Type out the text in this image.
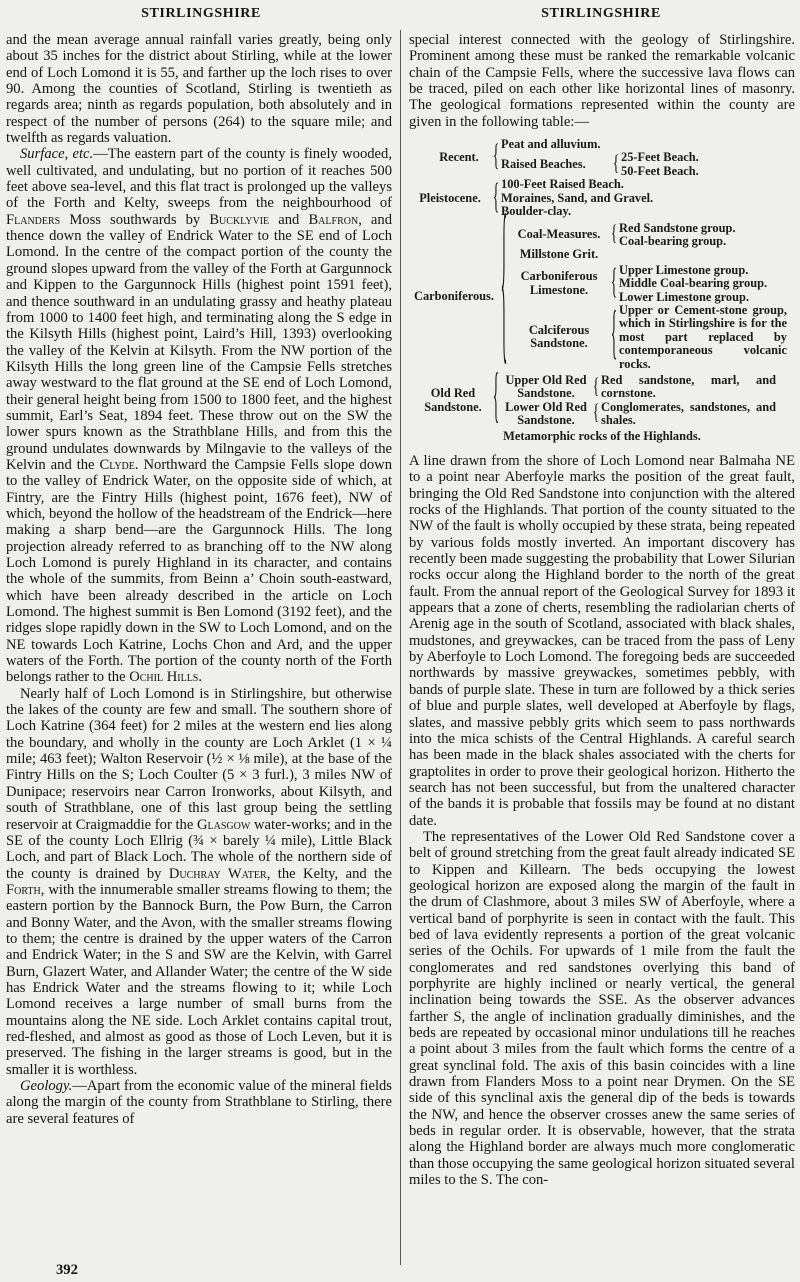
STIRLINGSHIRE	STIRLINGSHIRE

and the mean average annual rainfall varies greatly, being only about 35 inches for the district about Stirling, while at the lower end of Loch Lomond it is 55, and farther up the loch rises to over 90. Among the counties of Scotland, Stirling is twentieth as regards area; ninth as regards population, both absolutely and in respect of the number of persons (264) to the square mile; and twelfth as regards valuation.

Surface, etc.—The eastern part of the county is finely wooded, well cultivated, and undulating, but no portion of it reaches 500 feet above sea-level, and this flat tract is prolonged up the valleys of the Forth and Kelty, sweeps from the neighbourhood of Flanders Moss southwards by Bucklyvie and Balfron, and thence down the valley of Endrick Water to the SE end of Loch Lomond. In the centre of the compact portion of the county the ground slopes upward from the valley of the Forth at Gargunnock and Kippen to the Gargunnock Hills (highest point 1591 feet), and thence southward in an undulating grassy and heathy plateau from 1000 to 1400 feet high, and terminating along the S edge in the Kilsyth Hills (highest point, Laird’s Hill, 1393) overlooking the valley of the Kelvin at Kilsyth. From the NW portion of the Kilsyth Hills the long green line of the Campsie Fells stretches away westward to the flat ground at the SE end of Loch Lomond, their general height being from 1500 to 1800 feet, and the highest summit, Earl’s Seat, 1894 feet. These throw out on the SW the lower spurs known as the Strathblane Hills, and from this the ground undulates downwards by Milngavie to the valleys of the Kelvin and the Clyde. Northward the Campsie Fells slope down to the valley of Endrick Water, on the opposite side of which, at Fintry, are the Fintry Hills (highest point, 1676 feet), NW of which, beyond the hollow of the headstream of the Endrick—here making a sharp bend—are the Gargunnock Hills. The long projection already referred to as branching off to the NW along Loch Lomond is purely Highland in its character, and contains the whole of the summits, from Beinn a’ Choin south-eastward, which have been already described in the article on Loch Lomond. The highest summit is Ben Lomond (3192 feet), and the ridges slope rapidly down in the SW to Loch Lomond, and on the NE towards Loch Katrine, Lochs Chon and Ard, and the upper waters of the Forth. The portion of the county north of the Forth belongs rather to the Ochil Hills.

Nearly half of Loch Lomond is in Stirlingshire, but otherwise the lakes of the county are few and small. The southern shore of Loch Katrine (364 feet) for 2 miles at the western end lies along the boundary, and wholly in the county are Loch Arklet (1 × ¼ mile; 463 feet); Walton Reservoir (½ × ⅛ mile), at the base of the Fintry Hills on the S; Loch Coulter (5 × 3 furl.), 3 miles NW of Dunipace; reservoirs near Carron Ironworks, about Kilsyth, and south of Strathblane, one of this last group being the settling reservoir at Craigmaddie for the Glasgow water-works; and in the SE of the county Loch Ellrig (¾ × barely ¼ mile), Little Black Loch, and part of Black Loch. The whole of the northern side of the county is drained by Duchray Water, the Kelty, and the Forth, with the innumerable smaller streams flowing to them; the eastern portion by the Bannock Burn, the Pow Burn, the Carron and Bonny Water, and the Avon, with the smaller streams flowing to them; the centre is drained by the upper waters of the Carron and Endrick Water; in the S and SW are the Kelvin, with Garrel Burn, Glazert Water, and Allander Water; the centre of the W side has Endrick Water and the streams flowing to it; while Loch Lomond receives a large number of small burns from the mountains along the NE side. Loch Arklet contains capital trout, red-fleshed, and almost as good as those of Loch Leven, but it is preserved. The fishing in the larger streams is good, but in the smaller it is worthless.

Geology.—Apart from the economic value of the mineral fields along the margin of the county from Strathblane to Stirling, there are several features of

special interest connected with the geology of Stirlingshire. Prominent among these must be ranked the remarkable volcanic chain of the Campsie Fells, where the successive lava flows can be traced, piled on each other like horizontal lines of masonry. The geological formations represented within the county are given in the following table:—

Recent. { Peat and alluvium.
Raised Beaches.	{ 25-Feet Beach.
50-Feet Beach.
Pleistocene. { 100-Feet Raised Beach.
Moraines, Sand, and Gravel.
Boulder-clay.
Carboniferous. { Coal-Measures. { Red Sandstone group.
Coal-bearing group.
Millstone Grit.
Carboniferous Limestone.	{ Upper Limestone group.
Middle Coal-bearing group.
Lower Limestone group.
Calciferous Sandstone.	{ Upper or Cement-stone group, which in Stirlingshire is for the most part replaced by contemporaneous volcanic rocks.
Old Red Sandstone. { Upper Old Red Sandstone.	{ Red sandstone, marl, and cornstone.
Lower Old Red Sandstone.	{ Conglomerates, sandstones, and shales.
Metamorphic rocks of the Highlands.

A line drawn from the shore of Loch Lomond near Balmaha NE to a point near Aberfoyle marks the position of the great fault, bringing the Old Red Sandstone into conjunction with the altered rocks of the Highlands. That portion of the county situated to the NW of the fault is wholly occupied by these strata, being repeated by various folds mostly inverted. An important discovery has recently been made suggesting the probability that Lower Silurian rocks occur along the Highland border to the north of the great fault. From the annual report of the Geological Survey for 1893 it appears that a zone of cherts, resembling the radiolarian cherts of Arenig age in the south of Scotland, associated with black shales, mudstones, and greywackes, can be traced from the pass of Leny by Aberfoyle to Loch Lomond. The foregoing beds are succeeded northwards by massive greywackes, sometimes pebbly, with bands of purple slate. These in turn are followed by a thick series of blue and purple slates, well developed at Aberfoyle by flags, slates, and massive pebbly grits which seem to pass northwards into the mica schists of the Central Highlands. A careful search has been made in the black shales associated with the cherts for graptolites in order to prove their geological horizon. Hitherto the search has not been successful, but from the unaltered character of the bands it is probable that fossils may be found at no distant date.

The representatives of the Lower Old Red Sandstone cover a belt of ground stretching from the great fault already indicated SE to Kippen and Killearn. The beds occupying the lowest geological horizon are exposed along the margin of the fault in the drum of Clashmore, about 3 miles SW of Aberfoyle, where a vertical band of porphyrite is seen in contact with the fault. This bed of lava evidently represents a portion of the great volcanic series of the Ochils. For upwards of 1 mile from the fault the conglomerates and red sandstones overlying this band of porphyrite are highly inclined or nearly vertical, the general inclination being towards the SSE. As the observer advances farther S, the angle of inclination gradually diminishes, and the beds are repeated by occasional minor undulations till he reaches a point about 3 miles from the fault which forms the centre of a great synclinal fold. The axis of this basin coincides with a line drawn from Flanders Moss to a point near Drymen. On the SE side of this synclinal axis the general dip of the beds is towards the NW, and hence the observer crosses anew the same series of beds in regular order. It is observable, however, that the strata along the Highland border are always much more conglomeratic than those occupying the same geological horizon situated several miles to the S. The con-

392
